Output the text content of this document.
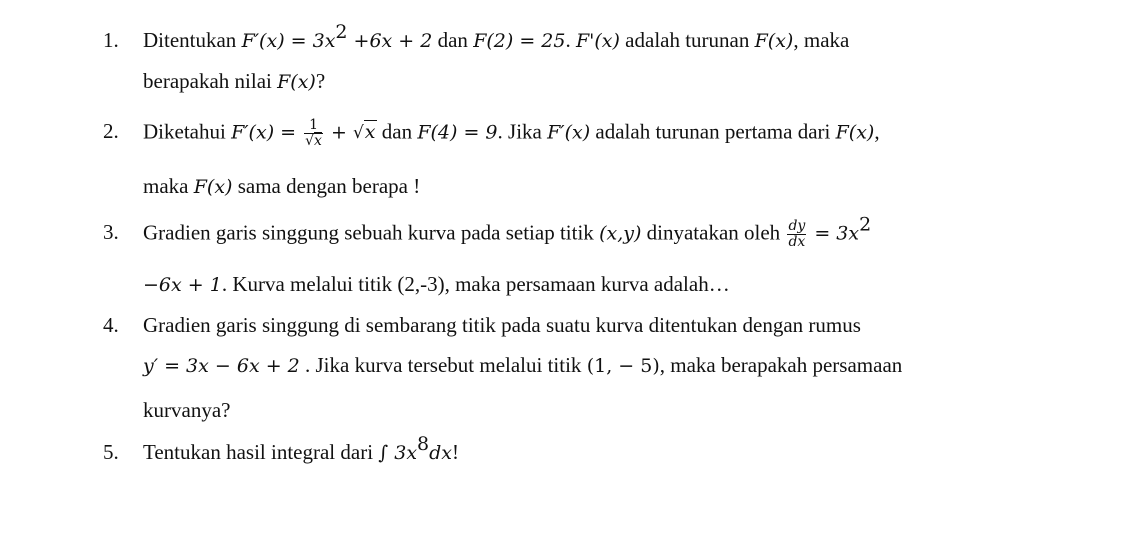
1. Ditentukan $F'(x) = 3x^2 +6x + 2$ dan F(2) = 25. F'(x) adalah turunan F(x), maka
berapakah nilai F(x)?
2. Diketahui $F'(x) = \frac{1}{√x} + √x$ dan F(4) = 9. Jika F′(x) adalah turunan pertama dari F(x),
maka F(x) sama dengan berapa !
3. Gradien garis singgung sebuah kurva pada setiap titik (x,y) dinyatakan oleh $\frac{dy}{dx} = 3x^2$
−6x + 1. Kurva melalui titik (2,-3), maka persamaan kurva adalah…
4. Gradien garis singgung di sembarang titik pada suatu kurva ditentukan dengan rumus
y′ = 3x − 6x + 2 . Jika kurva tersebut melalui titik (1, − 5), maka berapakah persamaan
kurvanya?
5. Tentukan hasil integral dari ∫ $3x^8dx$!
